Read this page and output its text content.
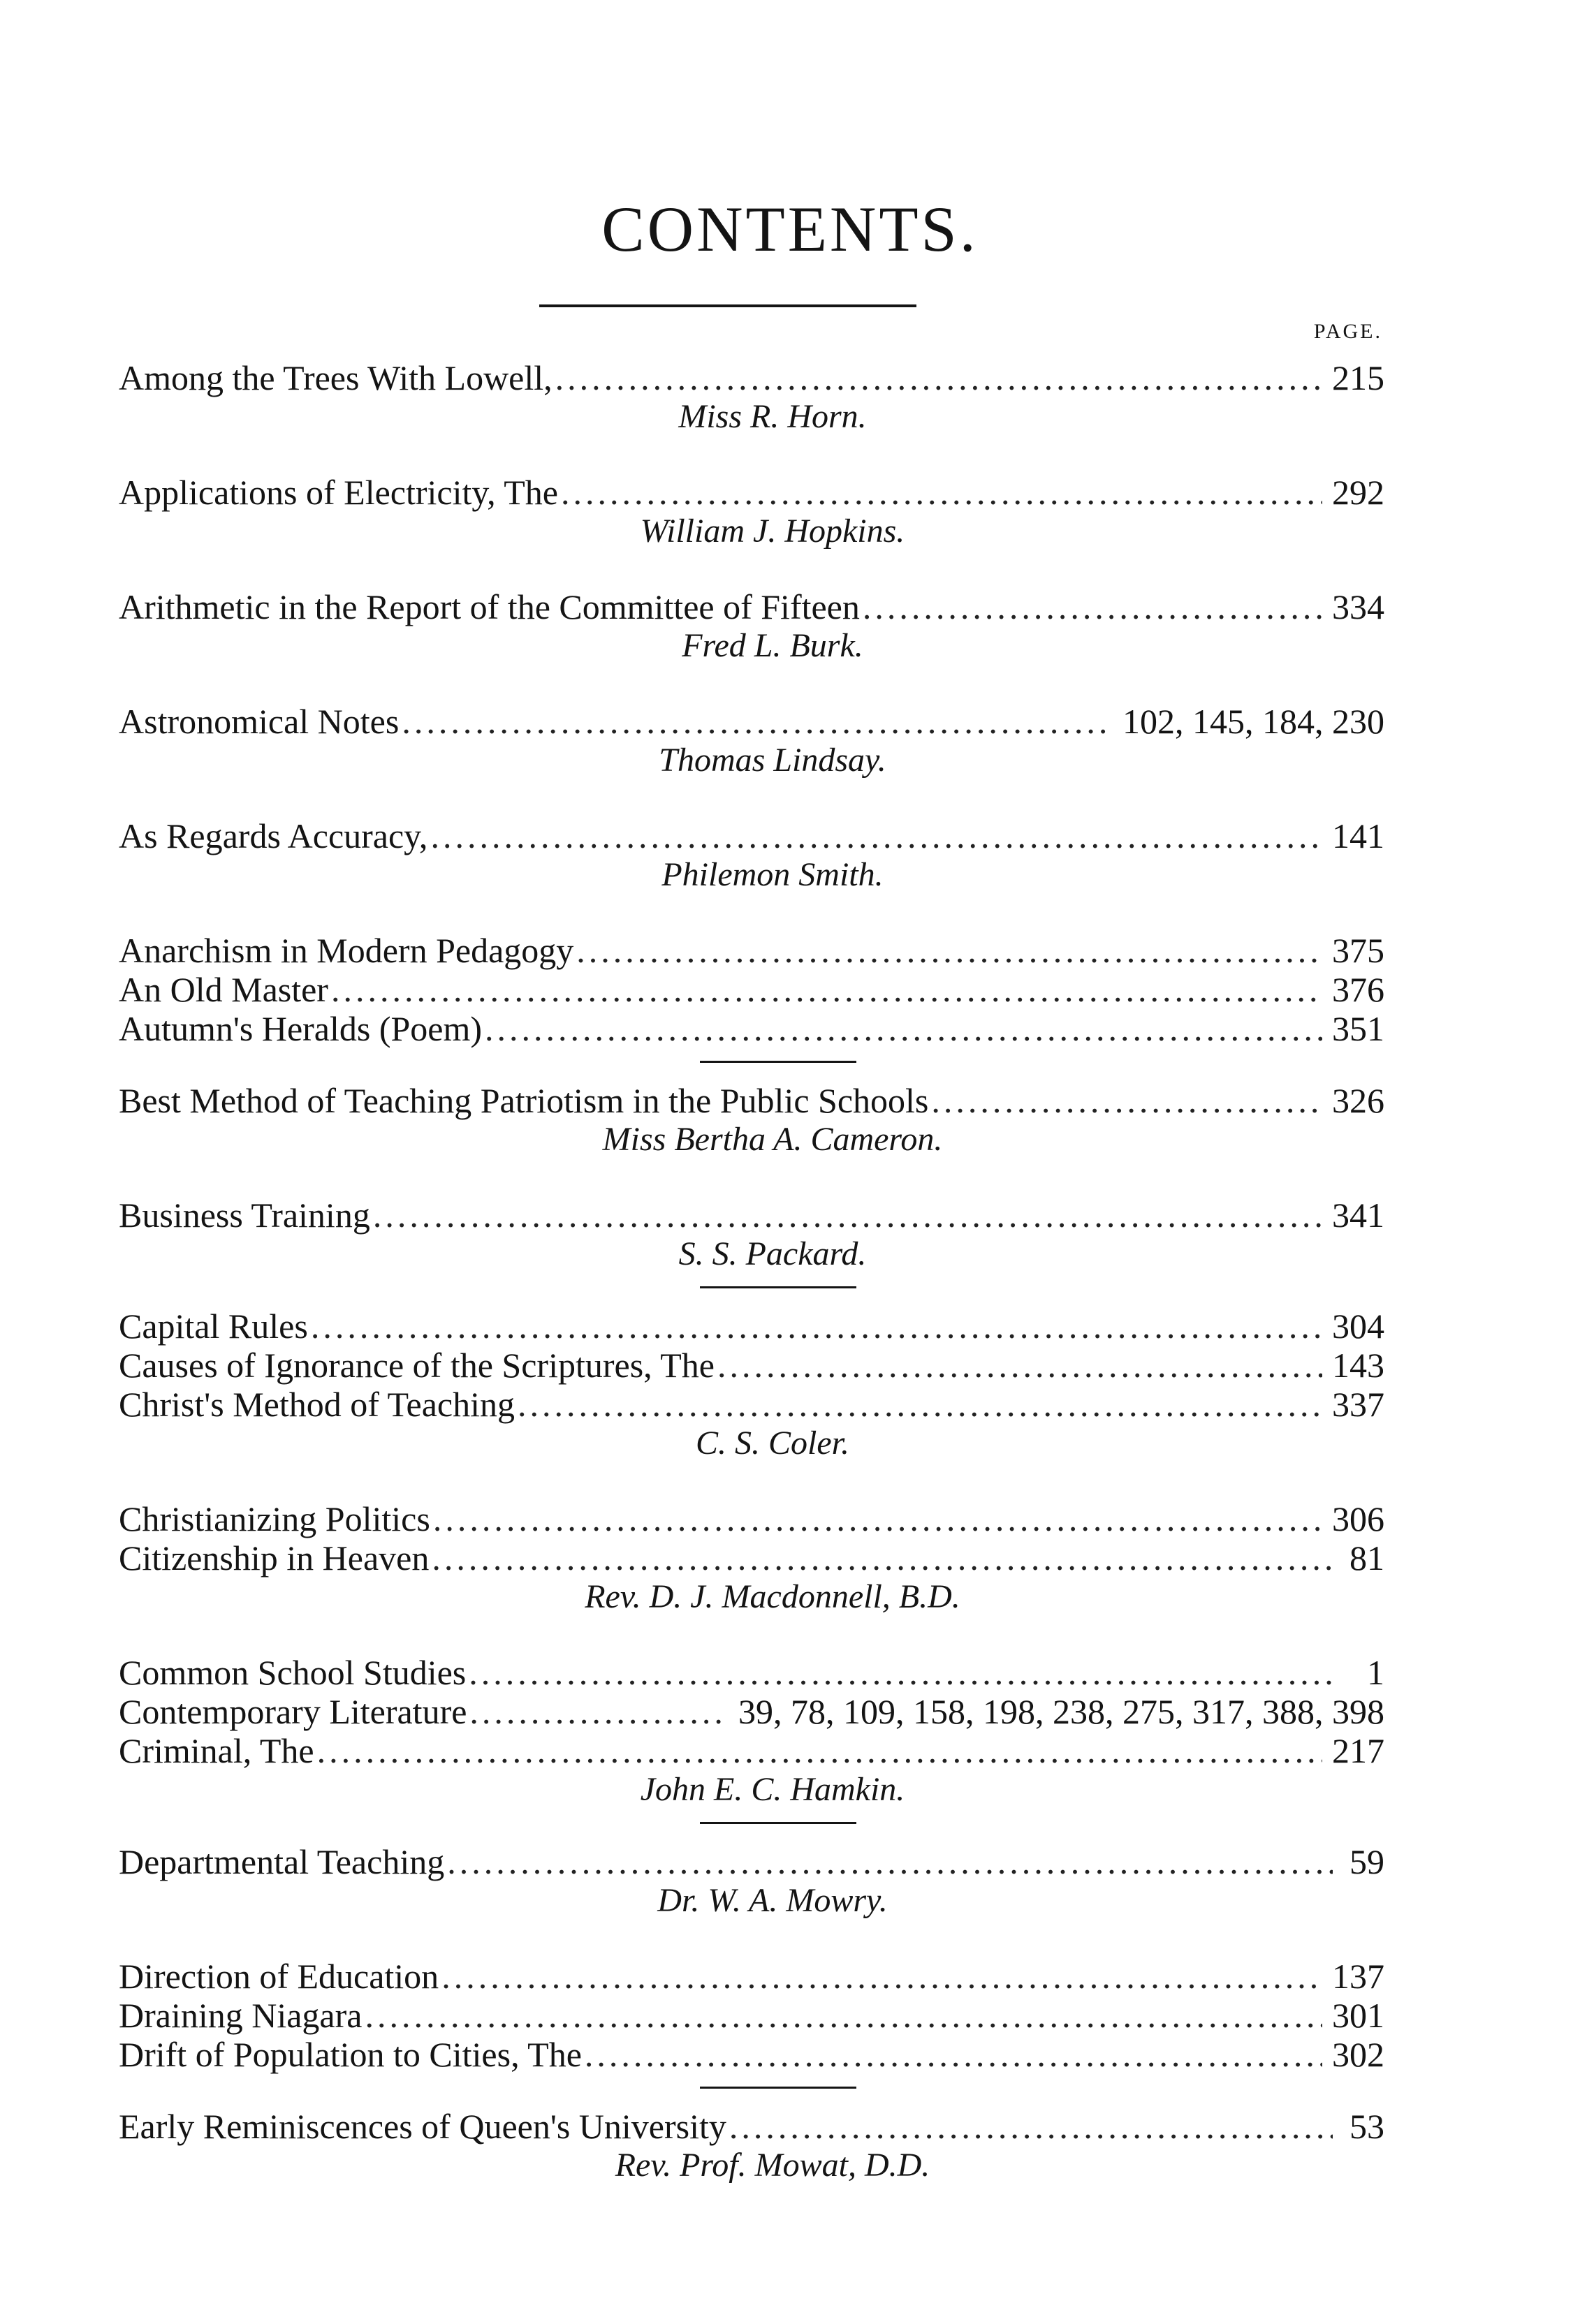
CONTENTS.
PAGE.
Among the Trees With Lowell, .....	215
Miss R. Horn.
Applications of Electricity, The .....	292
William J. Hopkins.
Arithmetic in the Report of the Committee of Fifteen .....	334
Fred L. Burk.
Astronomical Notes .....	102, 145, 184, 230
Thomas Lindsay.
As Regards Accuracy, .....	141
Philemon Smith.
Anarchism in Modern Pedagogy .....	375
An Old Master .....	376
Autumn's Heralds (Poem) .....	351
Best Method of Teaching Patriotism in the Public Schools .....	326
Miss Bertha A. Cameron.
Business Training .....	341
S. S. Packard.
Capital Rules .....	304
Causes of Ignorance of the Scriptures, The .....	143
Christ's Method of Teaching .....	337
C. S. Coler.
Christianizing Politics .....	306
Citizenship in Heaven .....	81
Rev. D. J. Macdonnell, B.D.
Common School Studies .....	1
Contemporary Literature .....	39, 78, 109, 158, 198, 238, 275, 317, 388, 398
Criminal, The .....	217
John E. C. Hamkin.
Departmental Teaching .....	59
Dr. W. A. Mowry.
Direction of Education .....	137
Draining Niagara .....	301
Drift of Population to Cities, The .....	302
Early Reminiscences of Queen's University .....	53
Rev. Prof. Mowat, D.D.
